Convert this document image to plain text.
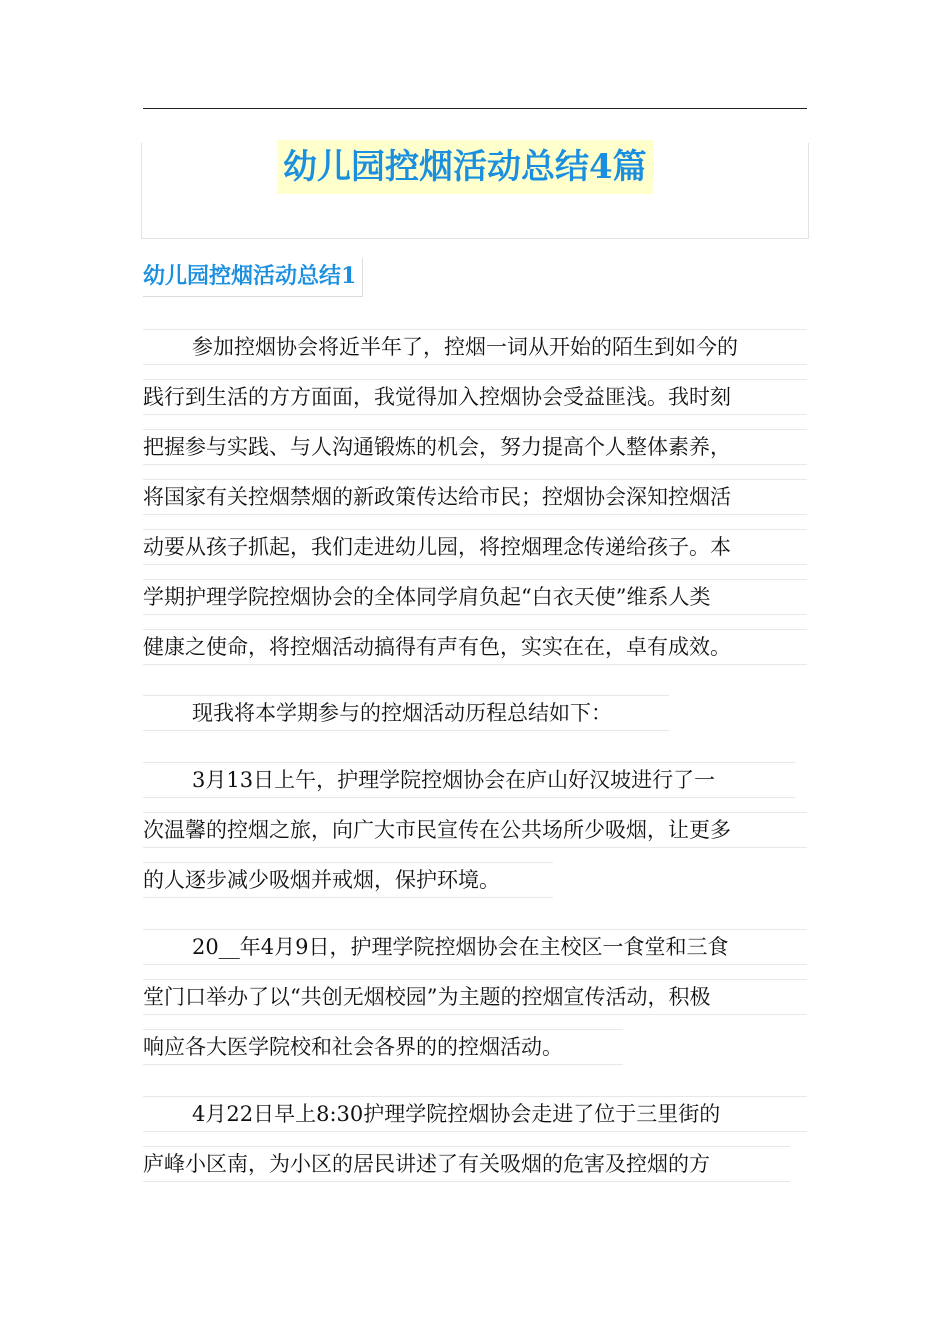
幼儿园控烟活动总结4篇
幼儿园控烟活动总结1
参加控烟协会将近半年了，控烟一词从开始的陌生到如今的
践行到生活的方方面面，我觉得加入控烟协会受益匪浅。我时刻
把握参与实践、与人沟通锻炼的机会，努力提高个人整体素养，
将国家有关控烟禁烟的新政策传达给市民；控烟协会深知控烟活
动要从孩子抓起，我们走进幼儿园，将控烟理念传递给孩子。本
学期护理学院控烟协会的全体同学肩负起“白衣天使”维系人类
健康之使命，将控烟活动搞得有声有色，实实在在，卓有成效。
现我将本学期参与的控烟活动历程总结如下：
3月13日上午，护理学院控烟协会在庐山好汉坡进行了一
次温馨的控烟之旅，向广大市民宣传在公共场所少吸烟，让更多
的人逐步减少吸烟并戒烟，保护环境。
20__年4月9日，护理学院控烟协会在主校区一食堂和三食
堂门口举办了以“共创无烟校园”为主题的控烟宣传活动，积极
响应各大医学院校和社会各界的的控烟活动。
4月22日早上8:30护理学院控烟协会走进了位于三里街的
庐峰小区南，为小区的居民讲述了有关吸烟的危害及控烟的方
